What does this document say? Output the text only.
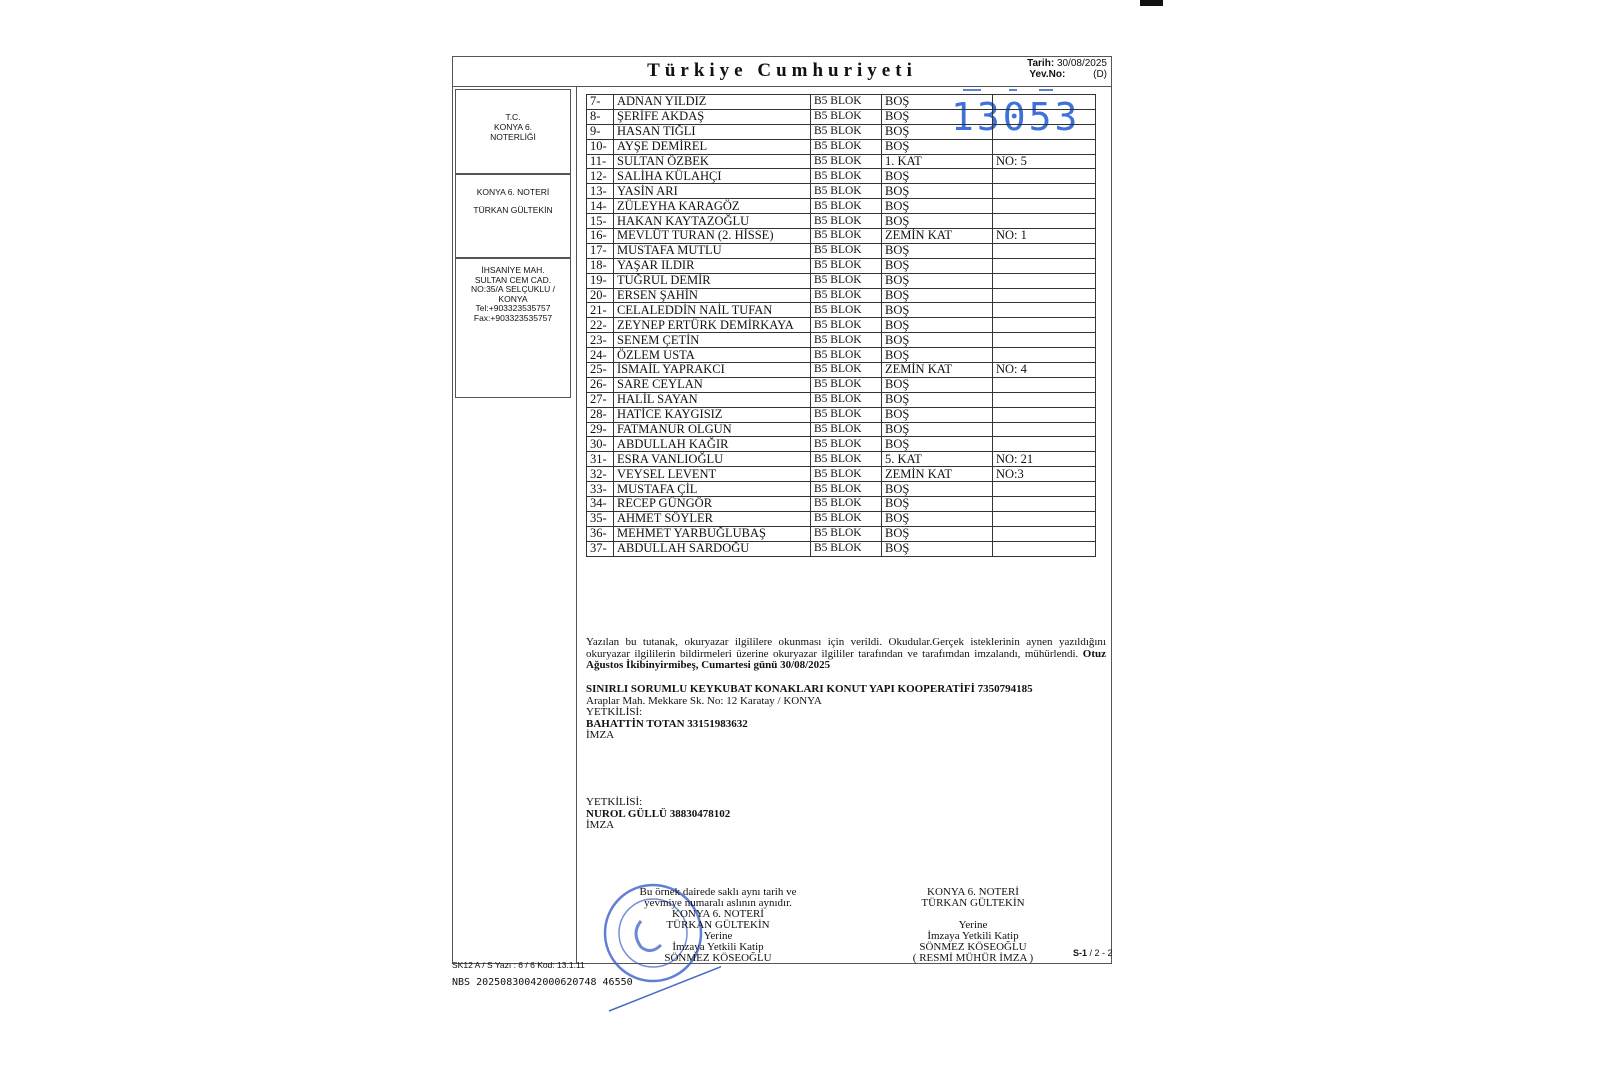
Türkiye Cumhuriyeti	Tarih: 30/08/2025
Yev.No:	(D)
T.C.
KONYA 6.
NOTERLİĞİ
KONYA 6. NOTERİ
TÜRKAN GÜLTEKİN
İHSANİYE MAH.
SULTAN CEM CAD.
NO:35/A SELÇUKLU /
KONYA
Tel:+903323535757
Fax:+903323535757
13053
7-	ADNAN YILDIZ	B5 BLOK	BOŞ	
8-	ŞERİFE AKDAŞ	B5 BLOK	BOŞ	
9-	HASAN TIĞLI	B5 BLOK	BOŞ	
10-	AYŞE DEMİREL	B5 BLOK	BOŞ	
11-	SULTAN ÖZBEK	B5 BLOK	1. KAT	NO: 5
12-	SALİHA KÜLAHÇI	B5 BLOK	BOŞ	
13-	YASİN ARI	B5 BLOK	BOŞ	
14-	ZÜLEYHA KARAGÖZ	B5 BLOK	BOŞ	
15-	HAKAN KAYTAZOĞLU	B5 BLOK	BOŞ	
16-	MEVLÜT TURAN (2. HİSSE)	B5 BLOK	ZEMİN KAT	NO: 1
17-	MUSTAFA MUTLU	B5 BLOK	BOŞ	
18-	YAŞAR ILDIR	B5 BLOK	BOŞ	
19-	TUĞRUL DEMİR	B5 BLOK	BOŞ	
20-	ERSEN ŞAHİN	B5 BLOK	BOŞ	
21-	CELALEDDİN NAİL TUFAN	B5 BLOK	BOŞ	
22-	ZEYNEP ERTÜRK DEMİRKAYA	B5 BLOK	BOŞ	
23-	SENEM ÇETİN	B5 BLOK	BOŞ	
24-	ÖZLEM USTA	B5 BLOK	BOŞ	
25-	İSMAİL YAPRAKCI	B5 BLOK	ZEMİN KAT	NO: 4
26-	SARE CEYLAN	B5 BLOK	BOŞ	
27-	HALİL SAYAN	B5 BLOK	BOŞ	
28-	HATİCE KAYGISIZ	B5 BLOK	BOŞ	
29-	FATMANUR OLGUN	B5 BLOK	BOŞ	
30-	ABDULLAH KAĞIR	B5 BLOK	BOŞ	
31-	ESRA VANLIOĞLU	B5 BLOK	5. KAT	NO: 21
32-	VEYSEL LEVENT	B5 BLOK	ZEMİN KAT	NO:3
33-	MUSTAFA ÇİL	B5 BLOK	BOŞ	
34-	RECEP GÜNGÖR	B5 BLOK	BOŞ	
35-	AHMET SÖYLER	B5 BLOK	BOŞ	
36-	MEHMET YARBUĞLUBAŞ	B5 BLOK	BOŞ	
37-	ABDULLAH SARDOĞU	B5 BLOK	BOŞ	
Yazılan bu tutanak, okuryazar ilgililere okunması için verildi. Okudular.Gerçek isteklerinin aynen yazıldığını okuryazar ilgililerin bildirmeleri üzerine okuryazar ilgililer tarafından ve tarafımdan imzalandı, mühürlendi. Otuz Ağustos İkibinyirmibeş, Cumartesi günü 30/08/2025
SINIRLI SORUMLU KEYKUBAT KONAKLARI KONUT YAPI KOOPERATİFİ 7350794185
Araplar Mah. Mekkare Sk. No: 12 Karatay / KONYA
YETKİLİSİ:
BAHATTİN TOTAN 33151983632
İMZA
YETKİLİSİ:
NUROL GÜLLÜ 38830478102
İMZA
Bu örnek dairede saklı aynı tarih ve
yevmiye numaralı aslının aynıdır.
KONYA 6. NOTERİ
TÜRKAN GÜLTEKİN
Yerine
İmzaya Yetkili Katip
SÖNMEZ KÖSEOĞLU
KONYA 6. NOTERİ
TÜRKAN GÜLTEKİN
Yerine
İmzaya Yetkili Katip
SÖNMEZ KÖSEOĞLU
( RESMİ MÜHÜR İMZA )
SK12 A / S Yazı : 6 / 6 Kod: 13.1.11
NBS 20250830042000620748 46550
S-1 / 2 - 2
